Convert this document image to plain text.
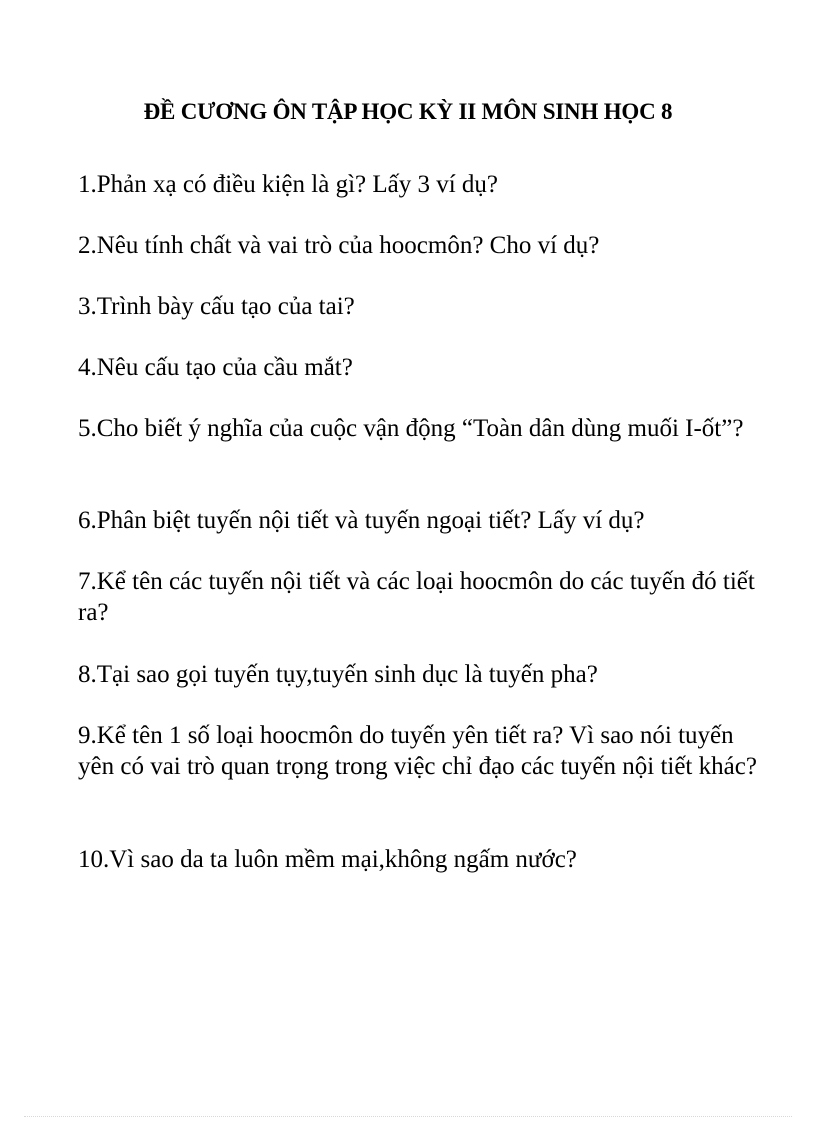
ĐỀ CƯƠNG ÔN TẬP HỌC KỲ II MÔN SINH HỌC 8
1.Phản xạ có điều kiện là gì? Lấy 3 ví dụ?
2.Nêu tính chất và vai trò của hoocmôn? Cho ví dụ?
3.Trình bày cấu tạo của tai?
4.Nêu cấu tạo của cầu mắt?
5.Cho biết ý nghĩa của cuộc vận động “Toàn dân dùng muối I-ốt”?
6.Phân biệt tuyến nội tiết và tuyến ngoại tiết? Lấy ví dụ?
7.Kể tên các tuyến nội tiết và các loại hoocmôn do các tuyến đó tiết ra?
8.Tại sao gọi tuyến tụy,tuyến sinh dục là tuyến pha?
9.Kể tên 1 số loại hoocmôn do tuyến yên tiết ra? Vì sao nói tuyến yên có vai trò quan trọng trong việc chỉ đạo các tuyến nội tiết khác?
10.Vì sao da ta luôn mềm mại,không ngấm nước?
